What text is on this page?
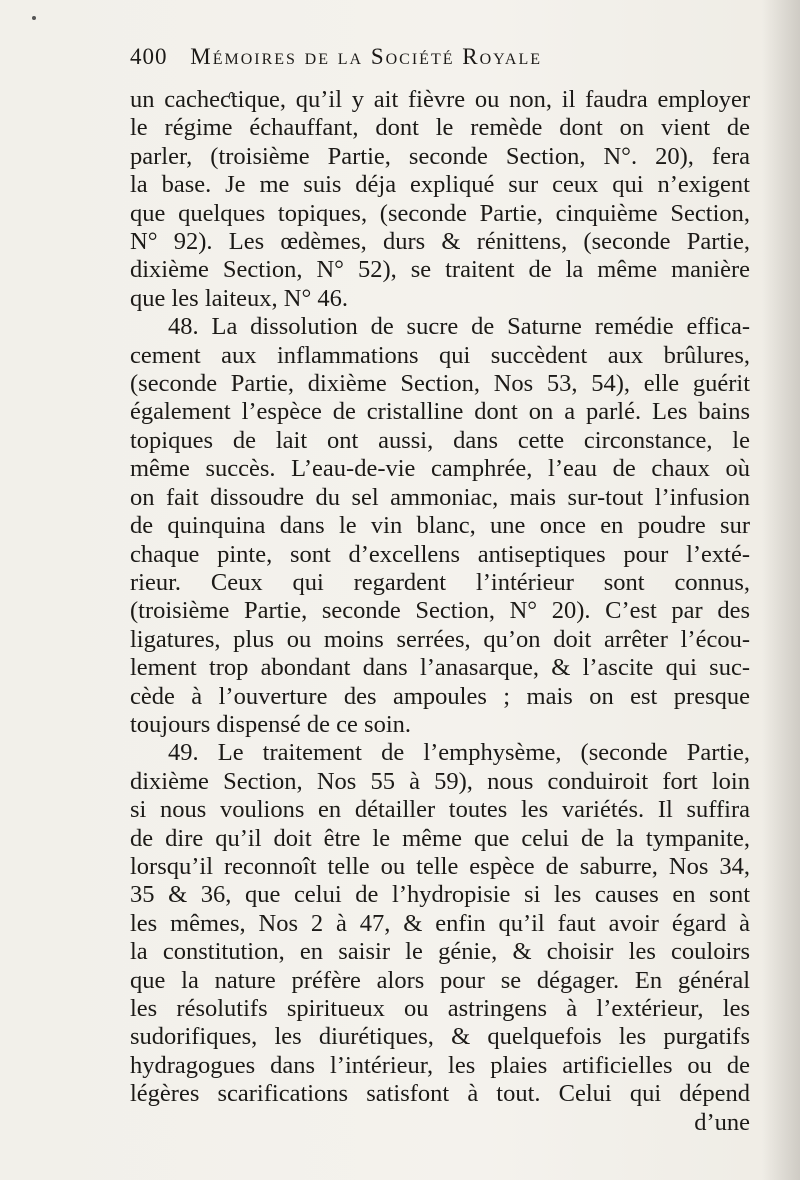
400 Mémoires de la Société Royale
un cacheƈtique, qu’il y ait fièvre ou non, il faudra employer
le régime échauffant, dont le remède dont on vient de
parler, (troisième Partie, seconde Section, N°. 20), fera
la base. Je me suis déja expliqué sur ceux qui n’exigent
que quelques topiques, (seconde Partie, cinquième Section,
N° 92). Les œdèmes, durs & rénittens, (seconde Partie,
dixième Section, N° 52), se traitent de la même manière
que les laiteux, N° 46.
48. La dissolution de sucre de Saturne remédie effica-
cement aux inflammations qui succèdent aux brûlures,
(seconde Partie, dixième Section, Nos 53, 54), elle guérit
également l’espèce de cristalline dont on a parlé. Les bains
topiques de lait ont aussi, dans cette circonstance, le
même succès. L’eau-de-vie camphrée, l’eau de chaux où
on fait dissoudre du sel ammoniac, mais sur-tout l’infusion
de quinquina dans le vin blanc, une once en poudre sur
chaque pinte, sont d’excellens antiseptiques pour l’exté-
rieur. Ceux qui regardent l’intérieur sont connus,
(troisième Partie, seconde Section, N° 20). C’est par des
ligatures, plus ou moins serrées, qu’on doit arrêter l’écou-
lement trop abondant dans l’anasarque, & l’ascite qui suc-
cède à l’ouverture des ampoules ; mais on est presque
toujours dispensé de ce soin.
49. Le traitement de l’emphysème, (seconde Partie,
dixième Section, Nos 55 à 59), nous conduiroit fort loin
si nous voulions en détailler toutes les variétés. Il suffira
de dire qu’il doit être le même que celui de la tympanite,
lorsqu’il reconnoît telle ou telle espèce de saburre, Nos 34,
35 & 36, que celui de l’hydropisie si les causes en sont
les mêmes, Nos 2 à 47, & enfin qu’il faut avoir égard à
la constitution, en saisir le génie, & choisir les couloirs
que la nature préfère alors pour se dégager. En général
les résolutifs spiritueux ou astringens à l’extérieur, les
sudorifiques, les diurétiques, & quelquefois les purgatifs
hydragogues dans l’intérieur, les plaies artificielles ou de
légères scarifications satisfont à tout. Celui qui dépend
d’une
